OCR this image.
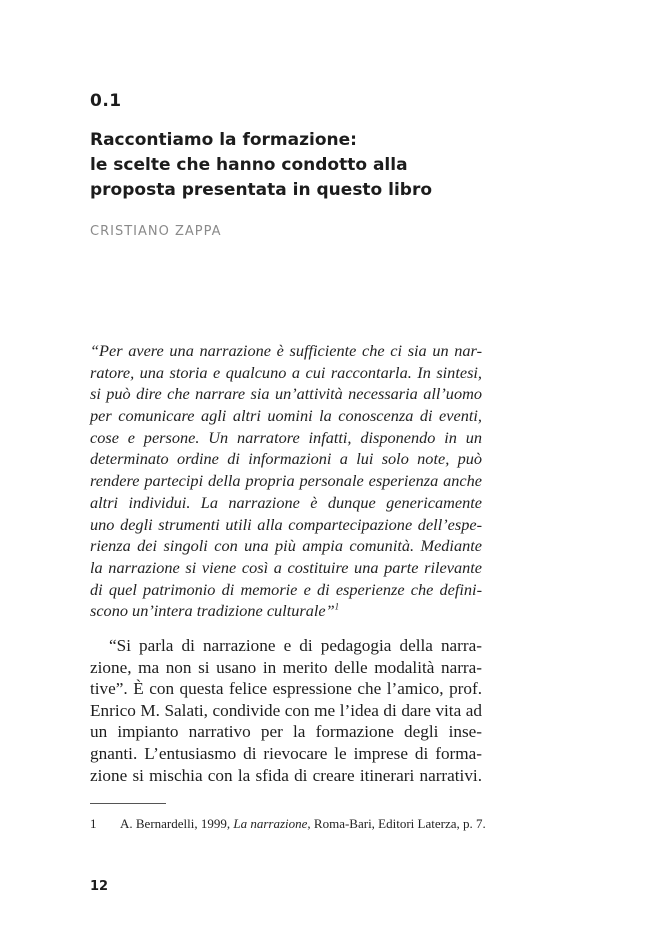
0.1
Raccontiamo la formazione:
le scelte che hanno condotto alla
proposta presentata in questo libro
CRISTIANO ZAPPA
“Per avere una narrazione è sufficiente che ci sia un nar-
ratore, una storia e qualcuno a cui raccontarla. In sintesi,
si può dire che narrare sia un’attività necessaria all’uomo
per comunicare agli altri uomini la conoscenza di eventi,
cose e persone. Un narratore infatti, disponendo in un
determinato ordine di informazioni a lui solo note, può
rendere partecipi della propria personale esperienza anche
altri individui. La narrazione è dunque genericamente
uno degli strumenti utili alla compartecipazione dell’espe-
rienza dei singoli con una più ampia comunità. Mediante
la narrazione si viene così a costituire una parte rilevante
di quel patrimonio di memorie e di esperienze che defini-
scono un’intera tradizione culturale”$^1$
“Si parla di narrazione e di pedagogia della narra-
zione, ma non si usano in merito delle modalità narra-
tive”. È con questa felice espressione che l’amico, prof.
Enrico M. Salati, condivide con me l’idea di dare vita ad
un impianto narrativo per la formazione degli inse-
gnanti. L’entusiasmo di rievocare le imprese di forma-
zione si mischia con la sfida di creare itinerari narrativi.
1 A. Bernardelli, 1999, La narrazione, Roma-Bari, Editori Laterza, p. 7.
12
